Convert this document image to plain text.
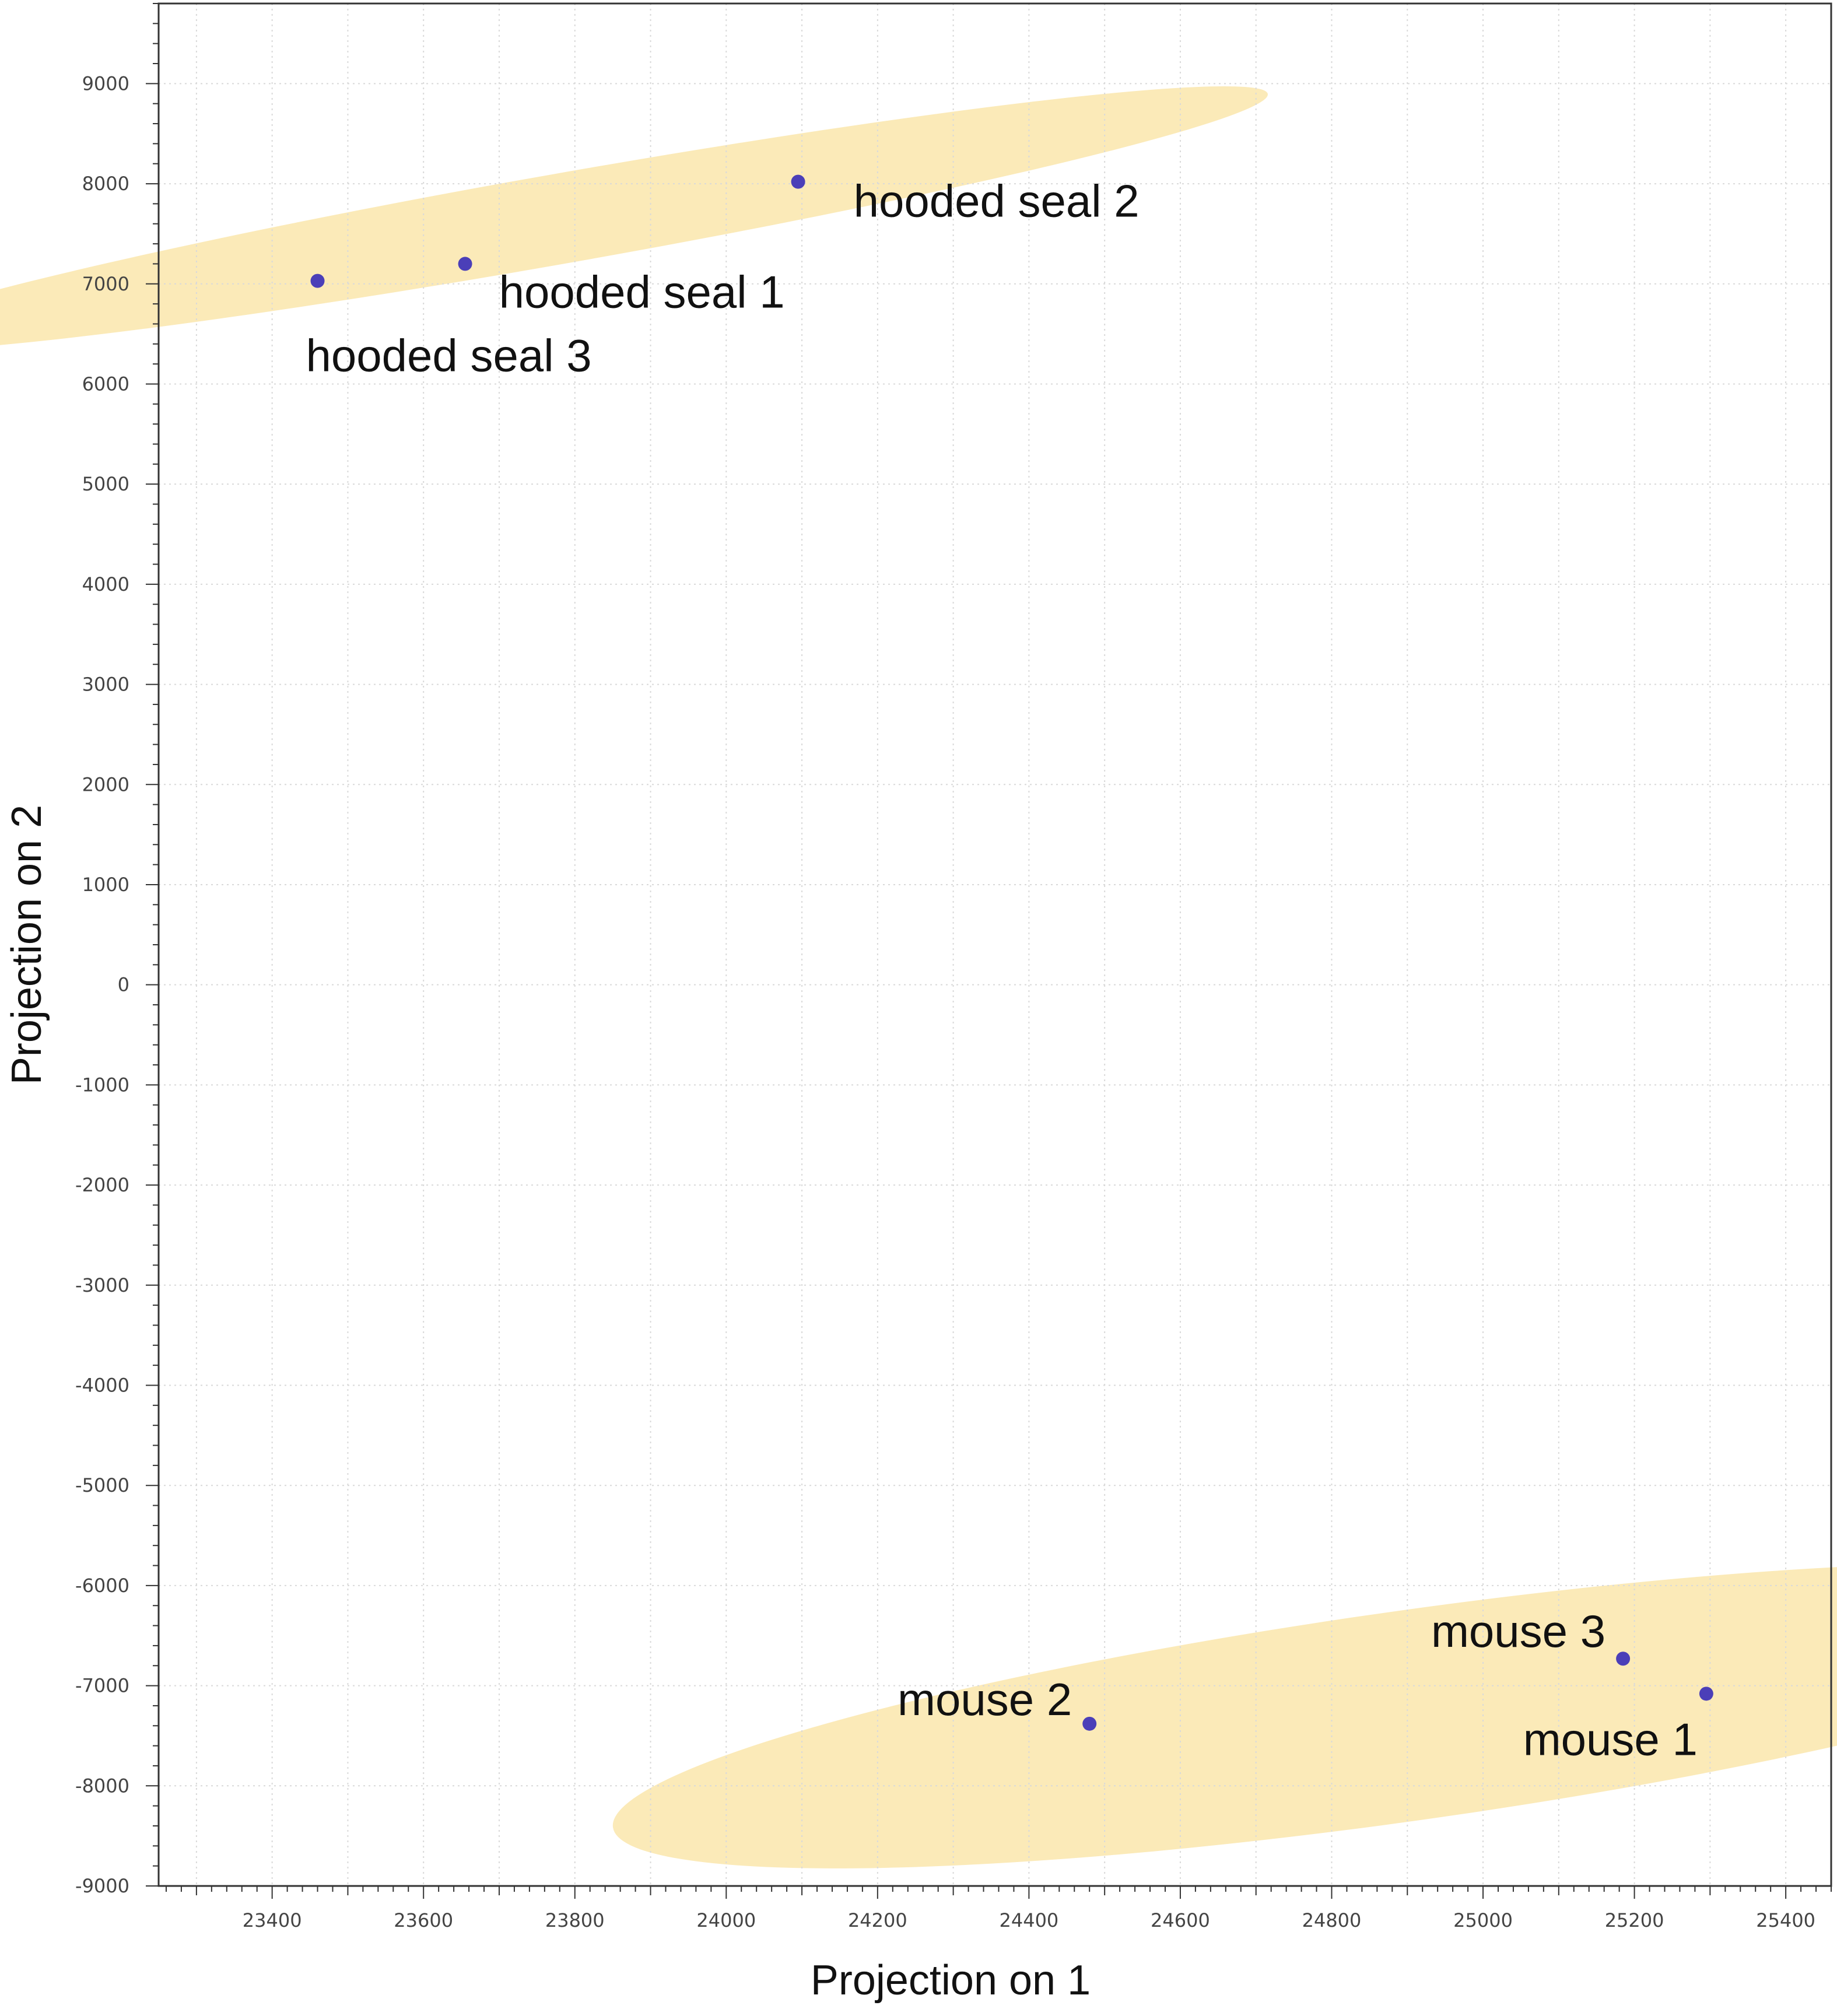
23400	23600	23800	24000	24200	24400	24600	24800	25000	25200	25400
-9000
-8000
-7000
-6000
-5000
-4000
-3000
-2000
-1000
0
1000
2000
3000
4000
5000
6000
7000
8000
9000
hooded seal 1
hooded seal 2
hooded seal 3
mouse 1
mouse 2
mouse 3
Projection on 1
Projection on 2
